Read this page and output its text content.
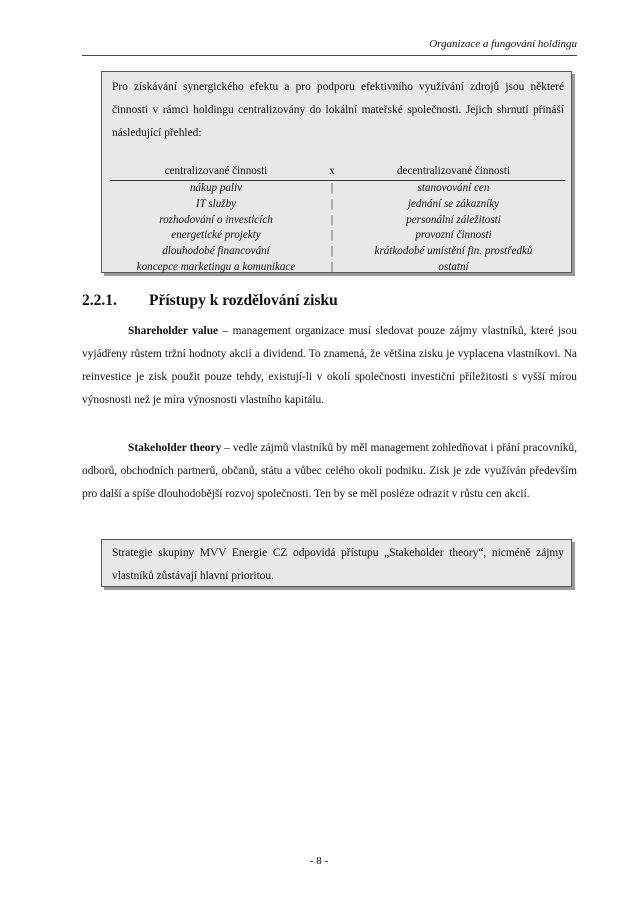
Organizace a fungování holdingu
Pro získávání synergického efektu a pro podporu efektivního využívání zdrojů jsou některé činnosti v rámci holdingu centralizovány do lokální mateřské společnosti. Jejich shrnutí přináší následující přehled:
centralizované činnosti	x	decentralizované činnosti
nákup paliv	|	stanovování cen
IT služby	|	jednání se zákazníky
rozhodování o investicích	|	personální záležitosti
energetické projekty	|	provozní činnosti
dlouhodobé financování	|	krátkodobé umístění fin. prostředků
koncepce marketingu a komunikace	|	ostatní
2.2.1. Přístupy k rozdělování zisku
Shareholder value – management organizace musí sledovat pouze zájmy vlastníků, které jsou vyjádřeny růstem tržní hodnoty akcií a dividend. To znamená, že většina zisku je vyplacena vlastníkovi. Na reinvestice je zisk použit pouze tehdy, existují-li v okolí společnosti investiční příležitosti s vyšší mírou výnosnosti než je míra výnosnosti vlastního kapitálu.
Stakeholder theory – vedle zájmů vlastníků by měl management zohledňovat i přání pracovníků, odborů, obchodních partnerů, občanů, státu a vůbec celého okolí podniku. Zisk je zde využíván především pro další a spíše dlouhodobější rozvoj společnosti. Ten by se měl posléze odrazit v růstu cen akcií.
Strategie skupiny MVV Energie CZ odpovídá přístupu „Stakeholder theory“, nicméně zájmy vlastníků zůstávají hlavní prioritou.
- 8 -
